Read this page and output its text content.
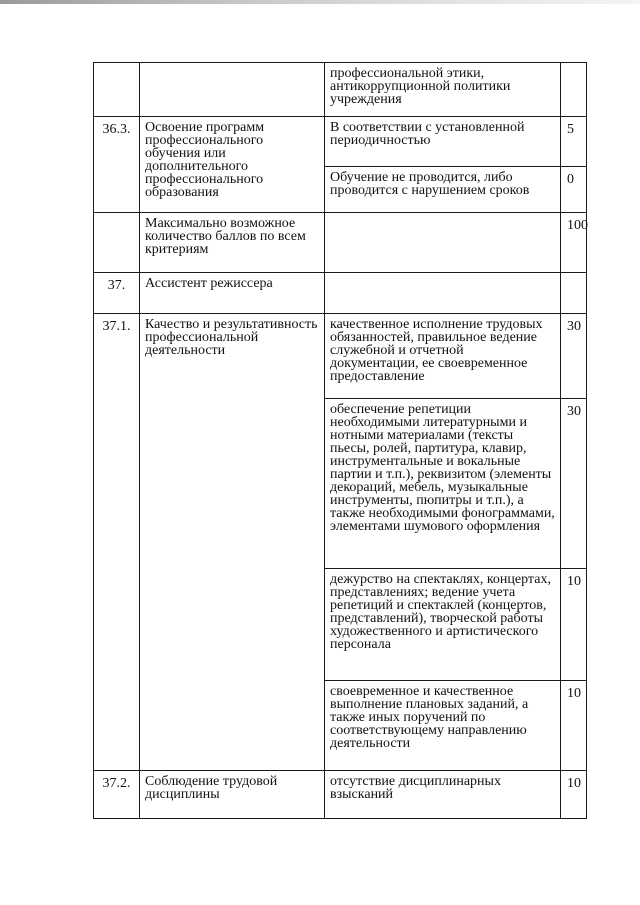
		профессиональной этики, антикоррупционной политики учреждения	
36.3.	Освоение программ профессионального обучения или дополнительного профессионального образования	В соответствии с установленной периодичностью	5
		Обучение не проводится, либо проводится с нарушением сроков	0
	Максимально возможное количество баллов по всем критериям		100
37.	Ассистент режиссера		
37.1.	Качество и результативность профессиональной деятельности	качественное исполнение трудовых обязанностей, правильное ведение служебной и отчетной документации, ее своевременное предоставление	30
		обеспечение репетиции необходимыми литературными и нотными материалами (тексты пьесы, ролей, партитура, клавир, инструментальные и вокальные партии и т.п.), реквизитом (элементы декораций, мебель, музыкальные инструменты, пюпитры и т.п.), а также необходимыми фонограммами, элементами шумового оформления	30
		дежурство на спектаклях, концертах, представлениях; ведение учета репетиций и спектаклей (концертов, представлений), творческой работы художественного и артистического персонала	10
		своевременное и качественное выполнение плановых заданий, а также иных поручений по соответствующему направлению деятельности	10
37.2.	Соблюдение трудовой дисциплины	отсутствие дисциплинарных взысканий	10
